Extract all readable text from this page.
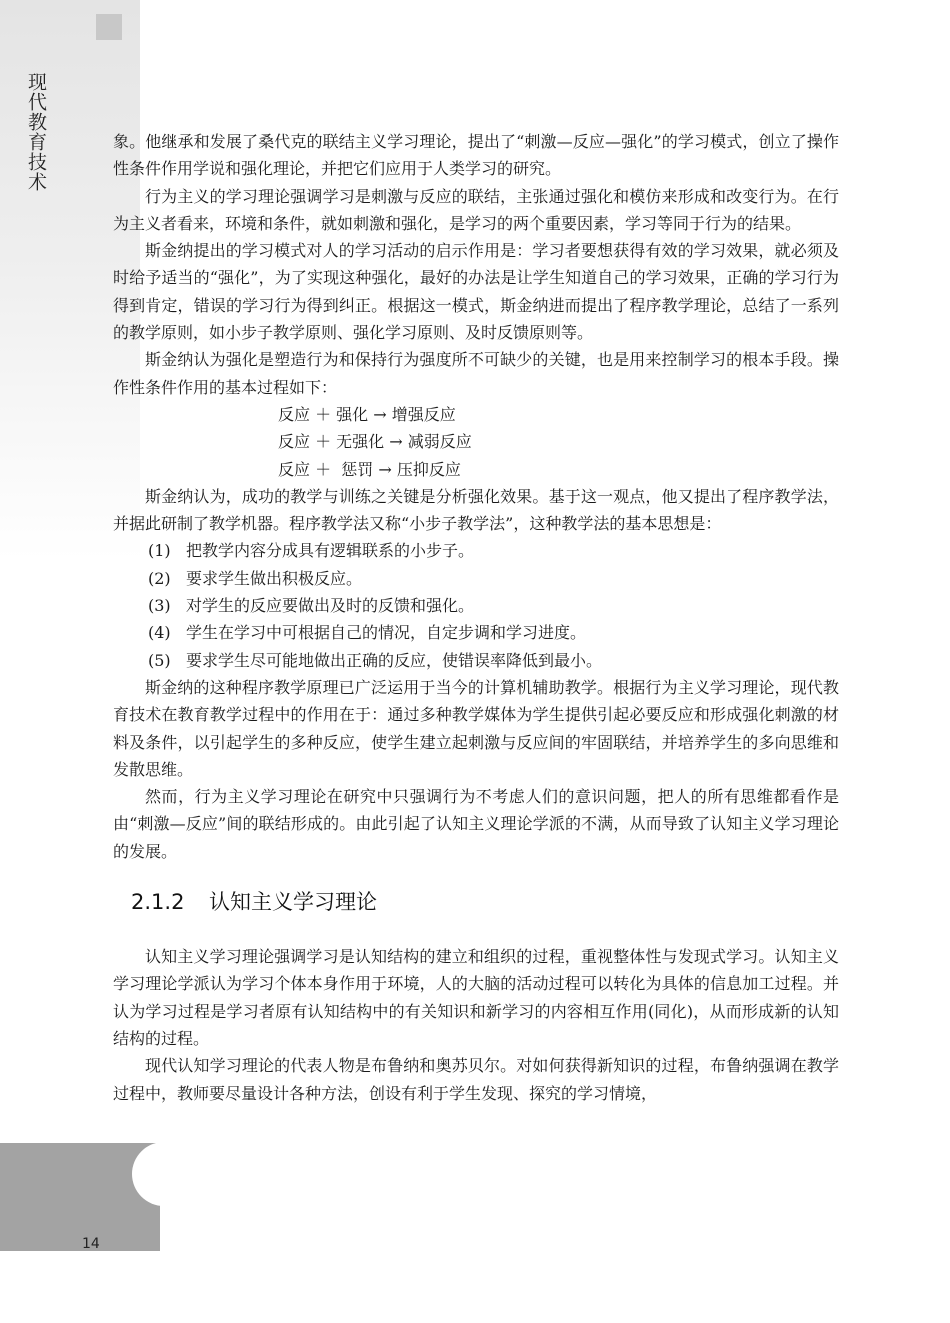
现代教育技术	象。他继承和发展了桑代克的联结主义学习理论，提出了“刺激—反应—强化”的学习模式，创立了操作性条件作用学说和强化理论，并把它们应用于人类学习的研究。

行为主义的学习理论强调学习是刺激与反应的联结，主张通过强化和模仿来形成和改变行为。在行为主义者看来，环境和条件，就如刺激和强化，是学习的两个重要因素，学习等同于行为的结果。

斯金纳提出的学习模式对人的学习活动的启示作用是：学习者要想获得有效的学习效果，就必须及时给予适当的“强化”，为了实现这种强化，最好的办法是让学生知道自己的学习效果，正确的学习行为得到肯定，错误的学习行为得到纠正。根据这一模式，斯金纳进而提出了程序教学理论，总结了一系列的教学原则，如小步子教学原则、强化学习原则、及时反馈原则等。

斯金纳认为强化是塑造行为和保持行为强度所不可缺少的关键，也是用来控制学习的根本手段。操作性条件作用的基本过程如下：

反应 ＋ 强化 → 增强反应
反应 ＋ 无强化 → 减弱反应
反应 ＋  惩罚 → 压抑反应

斯金纳认为，成功的教学与训练之关键是分析强化效果。基于这一观点，他又提出了程序教学法，并据此研制了教学机器。程序教学法又称“小步子教学法”，这种教学法的基本思想是：

(1) 把教学内容分成具有逻辑联系的小步子。
(2) 要求学生做出积极反应。
(3) 对学生的反应要做出及时的反馈和强化。
(4) 学生在学习中可根据自己的情况，自定步调和学习进度。
(5) 要求学生尽可能地做出正确的反应，使错误率降低到最小。

斯金纳的这种程序教学原理已广泛运用于当今的计算机辅助教学。根据行为主义学习理论，现代教育技术在教育教学过程中的作用在于：通过多种教学媒体为学生提供引起必要反应和形成强化刺激的材料及条件，以引起学生的多种反应，使学生建立起刺激与反应间的牢固联结，并培养学生的多向思维和发散思维。

然而，行为主义学习理论在研究中只强调行为不考虑人们的意识问题，把人的所有思维都看作是由“刺激—反应”间的联结形成的。由此引起了认知主义理论学派的不满，从而导致了认知主义学习理论的发展。

2.1.2 认知主义学习理论

认知主义学习理论强调学习是认知结构的建立和组织的过程，重视整体性与发现式学习。认知主义学习理论学派认为学习个体本身作用于环境，人的大脑的活动过程可以转化为具体的信息加工过程。并认为学习过程是学习者原有认知结构中的有关知识和新学习的内容相互作用(同化)，从而形成新的认知结构的过程。

现代认知学习理论的代表人物是布鲁纳和奥苏贝尔。对如何获得新知识的过程，布鲁纳强调在教学过程中，教师要尽量设计各种方法，创设有利于学生发现、探究的学习情境，

14
